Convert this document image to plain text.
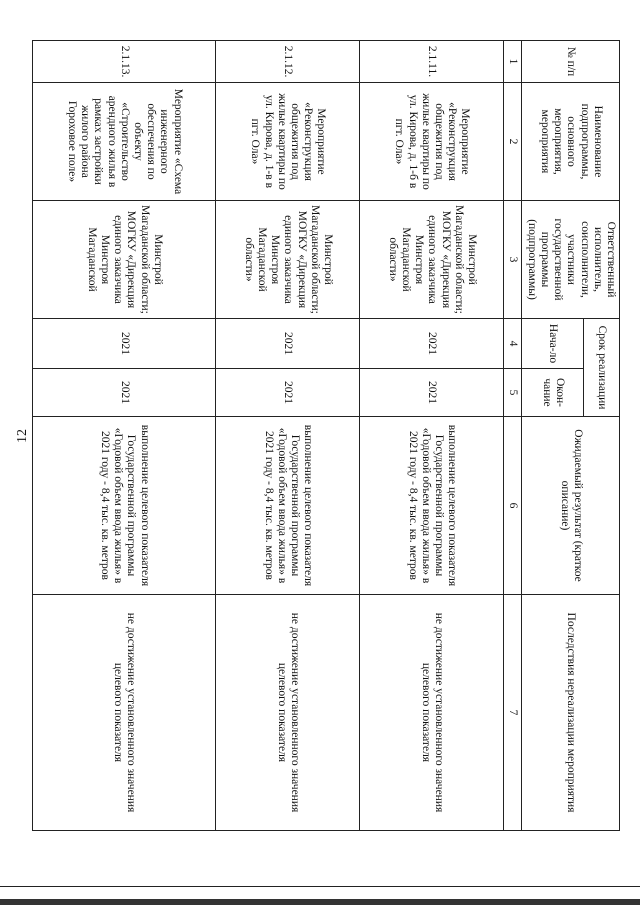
12
№ п/п	Наименование подпрограммы, основного мероприятия, мероприятия	Ответственный исполнитель, соисполнители, участники государственной программы (подпрограммы)	Срок реализации		Ожидаемый результат (краткое описание)	Последствия нереализации мероприятия
			Нача-ло	Окон-чание		
1	2	3	4	5	6	7
2.1.11.	Мероприятие «Реконструкция общежития под жилые квартиры по ул. Кирова, д. 1-б в пгт. Ола»	Минстрой Магаданской области; МОГКУ «Дирекция единого заказчика Минстроя Магаданской области»	2021	2021	выполнение целевого показателя Государственной программы «Годовой объем ввода жилья» в 2021 году - 8,4 тыс. кв. метров	не достижение установленного значения целевого показателя
2.1.12.	Мероприятие «Реконструкция общежития под жилые квартиры по ул. Кирова, д. 1-в в пгт. Ола»	Минстрой Магаданской области; МОГКУ «Дирекция единого заказчика Минстроя Магаданской области»	2021	2021	выполнение целевого показателя Государственной программы «Годовой объем ввода жилья» в 2021 году - 8,4 тыс. кв. метров	не достижение установленного значения целевого показателя
2.1.13.	Мероприятие «Схема инженерного обеспечения по объекту «Строительство арендного жилья в рамках застройки жилого района Гороховое поле»	Минстрой Магаданской области; МОГКУ «Дирекция единого заказчика Минстроя Магаданской	2021	2021	выполнение целевого показателя Государственной программы «Годовой объем ввода жилья» в 2021 году - 8,4 тыс. кв. метров	не достижение установленного значения целевого показателя
